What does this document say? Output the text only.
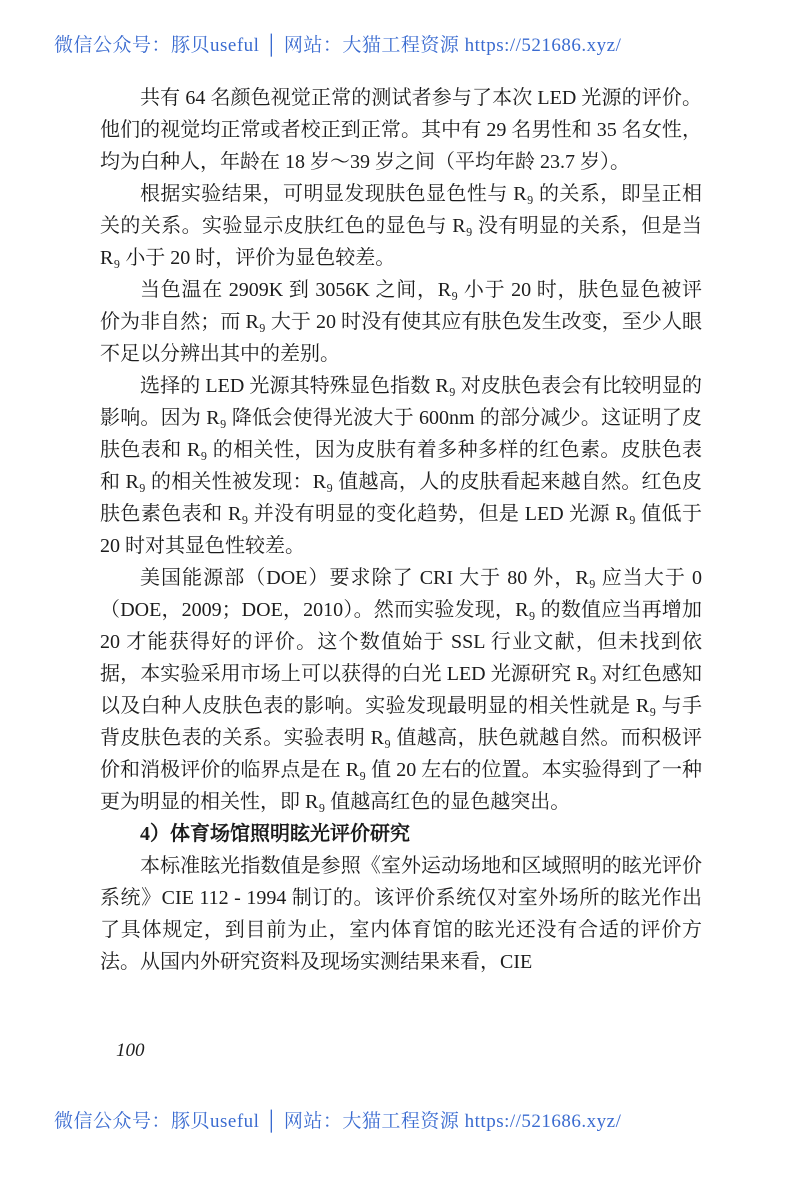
微信公众号：豚贝useful │ 网站：大猫工程资源 https://521686.xyz/

共有 64 名颜色视觉正常的测试者参与了本次 LED 光源的评价。他们的视觉均正常或者校正到正常。其中有 29 名男性和 35 名女性，均为白种人，年龄在 18 岁～39 岁之间（平均年龄 23.7 岁）。

根据实验结果，可明显发现肤色显色性与 R₉ 的关系，即呈正相关的关系。实验显示皮肤红色的显色与 R₉ 没有明显的关系，但是当 R₉ 小于 20 时，评价为显色较差。

当色温在 2909K 到 3056K 之间，R₉ 小于 20 时，肤色显色被评价为非自然；而 R₉ 大于 20 时没有使其应有肤色发生改变，至少人眼不足以分辨出其中的差别。

选择的 LED 光源其特殊显色指数 R₉ 对皮肤色表会有比较明显的影响。因为 R₉ 降低会使得光波大于 600nm 的部分减少。这证明了皮肤色表和 R₉ 的相关性，因为皮肤有着多种多样的红色素。皮肤色表和 R₉ 的相关性被发现：R₉ 值越高，人的皮肤看起来越自然。红色皮肤色素色表和 R₉ 并没有明显的变化趋势，但是 LED 光源 R₉ 值低于 20 时对其显色性较差。

美国能源部（DOE）要求除了 CRI 大于 80 外，R₉ 应当大于 0（DOE，2009；DOE，2010）。然而实验发现，R₉ 的数值应当再增加 20 才能获得好的评价。这个数值始于 SSL 行业文献，但未找到依据，本实验采用市场上可以获得的白光 LED 光源研究 R₉ 对红色感知以及白种人皮肤色表的影响。实验发现最明显的相关性就是 R₉ 与手背皮肤色表的关系。实验表明 R₉ 值越高，肤色就越自然。而积极评价和消极评价的临界点是在 R₉ 值 20 左右的位置。本实验得到了一种更为明显的相关性，即 R₉ 值越高红色的显色越突出。

4）体育场馆照明眩光评价研究

本标准眩光指数值是参照《室外运动场地和区域照明的眩光评价系统》CIE 112 - 1994 制订的。该评价系统仅对室外场所的眩光作出了具体规定，到目前为止，室内体育馆的眩光还没有合适的评价方法。从国内外研究资料及现场实测结果来看，CIE

100
微信公众号：豚贝useful │ 网站：大猫工程资源 https://521686.xyz/
